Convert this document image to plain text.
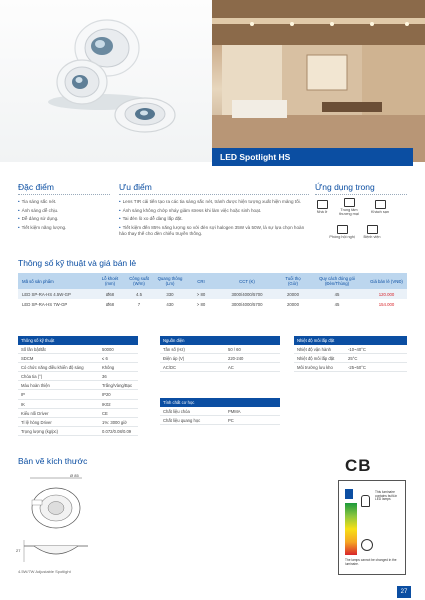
LED Spotlight HS
Đặc điểm
• Tia sáng sắc nét.
• Ánh sáng dễ chịu.
• Dễ dàng sử dụng.
• Tiết kiệm năng lượng.
Ưu điểm
• Lens TIR cải tiến tạo ra các tia sáng sắc nét, tránh được hiện tượng xuất hiện mảng tối.
• Ánh sáng không chớp nháy giảm stress khi làm việc hoặc sinh hoạt.
• Tai đèn lò xo dễ dàng lắp đặt.
• Tiết kiệm đến 85% năng lượng so với đèn sợi halogen 35W và 50W, là sự lựa chọn hoàn hảo thay thế cho đèn chiếu truyền thống.
Ứng dụng trong
Nhà ở	Trung tâm thương mại	Khách sạn
Phòng hội nghị	Bệnh viện
Thông số kỹ thuật và giá bán lẻ
Mã số sản phẩm	Lỗ khoét (mm)	Công suất (W/m)	Quang thông (Lm)	CRI	CCT (K)	Tuổi thọ (Giờ)	Quy cách đóng gói (Đèn/Thùng)	Giá bán lẻ (VNĐ)
LED SP-RA-HS 4.5W-GP	Ø68	4.5	330	> 80	3000/4000/5700	20000	45	120.000
LED SP-RA-HS 7W-GP	Ø68	7	430	> 80	3000/4000/5700	20000	45	154.000
Thông số kỹ thuật
Số lần bật/tắt	50000
SDCM	≤ 6
Có chức năng điều khiển độ sáng	Không
Chóa tia (°)	36
Màu hoàn thiện	Trắng/Vàng/Bạc
IP	IP20
IK	IK02
Kiểu nối Driver	CE
Tỉ lệ hỏng Driver	1%: 3000 giờ
Trọng lượng (kg/pc)	0.072/0.08/0.09
Nguồn điện
Tần số (Hz)	50 / 60
Điện áp (V)	220-240
AC/DC	AC
Tính chất cơ học
Chất liệu chóa	PMMA
Chất liệu quang học	PC
Nhiệt độ môi lắp đặt
Nhiệt độ vận hành	-10~40°C
Nhiệt độ môi lắp đặt	25°C
Môi trường lưu kho	-25~50°C
Bản vẽ kích thước
Ø 85
27
4.5W/7W Adjustable Spotlight
CB
This luminaire contains built-in LED lamps
The lamps cannot be changed in the luminaire.
27
